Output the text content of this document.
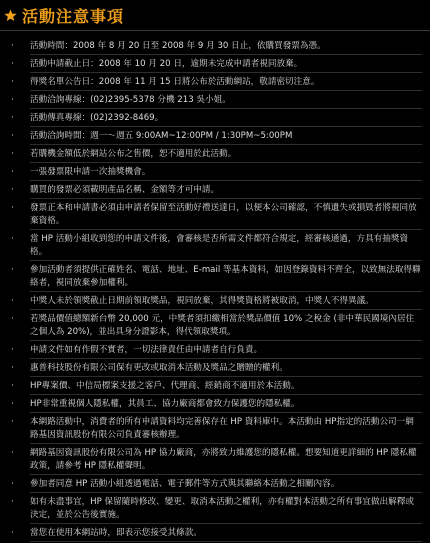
活動注意事項
·	活動時間：2008 年 8 月 20 日至 2008 年 9 月 30 日止，依購買發票為憑。
·	活動申請截止日：2008 年 10 月 20 日，逾期未完成申請者視同放棄。
·	得獎名單公告日：2008 年 11 月 15 日將公布於活動網站，敬請密切注意。
·	活動洽詢專線：(02)2395-5378 分機 213 吳小姐。
·	活動傳真專線：(02)2392-8469。
·	活動洽詢時間：週一～週五 9:00AM~12:00PM / 1:30PM~5:00PM
·	若購機金額低於網站公布之售價，恕不適用於此活動。
·	一張發票限申請一次抽獎機會。
·	購買的發票必須載明產品名稱、金額等才可申請。
·	發票正本和申請書必須由申請者保留至活動好禮送達日，以便本公司確認，不慎遺失或損毀者將視同放棄資格。
·	當 HP 活動小組收到您的申請文件後，會審核是否所需文件都符合規定，經審核通過，方具有抽獎資格。
·	參加活動者須提供正確姓名、電話、地址、E-mail 等基本資料，如因登錄資料不齊全，以致無法取得聯絡者，視同放棄參加權利。
·	中獎人未於領獎截止日期前領取獎品，視同放棄，其得獎資格將被取消，中獎人不得異議。
·	若獎品價值總額新台幣 20,000 元，中獎者須扣繳相當於獎品價值 10% 之稅金 (非中華民國境內居住之個人為 20%)，並出具身分證影本，得代領取獎項。
·	申請文件如有作假不實者，一切法律責任由申請者自行負責。
·	惠普科技股份有限公司保有更改或取消本活動及獎品之贈贈的權利。
·	HP專案價、中信局標案支援之客戶、代理商、經銷商不適用於本活動。
·	HP非常重視個人隱私權，其員工、協力廠商都會致力保護您的隱私權。
·	本網路活動中，消費者的所有申請資料均完善保存在 HP 資料庫中。本活動由 HP指定的活動公司一網路基因資訊股份有限公司負責審核辦理。
·	網路基因資訊股份有限公司為 HP 協力廠商，亦將致力維護您的隱私權。想要知道更詳細的 HP 隱私權政策，請參考 HP 隱私權聲明。
·	參加者同意 HP 活動小組透過電話、電子郵件等方式與其聯絡本活動之相關內容。
·	如有未盡事宜，HP 保留隨時修改、變更、取消本活動之權利，亦有權對本活動之所有事宜做出解釋或決定，並於公告後實施。
·	當您在使用本網站時，即表示您接受其條款。
